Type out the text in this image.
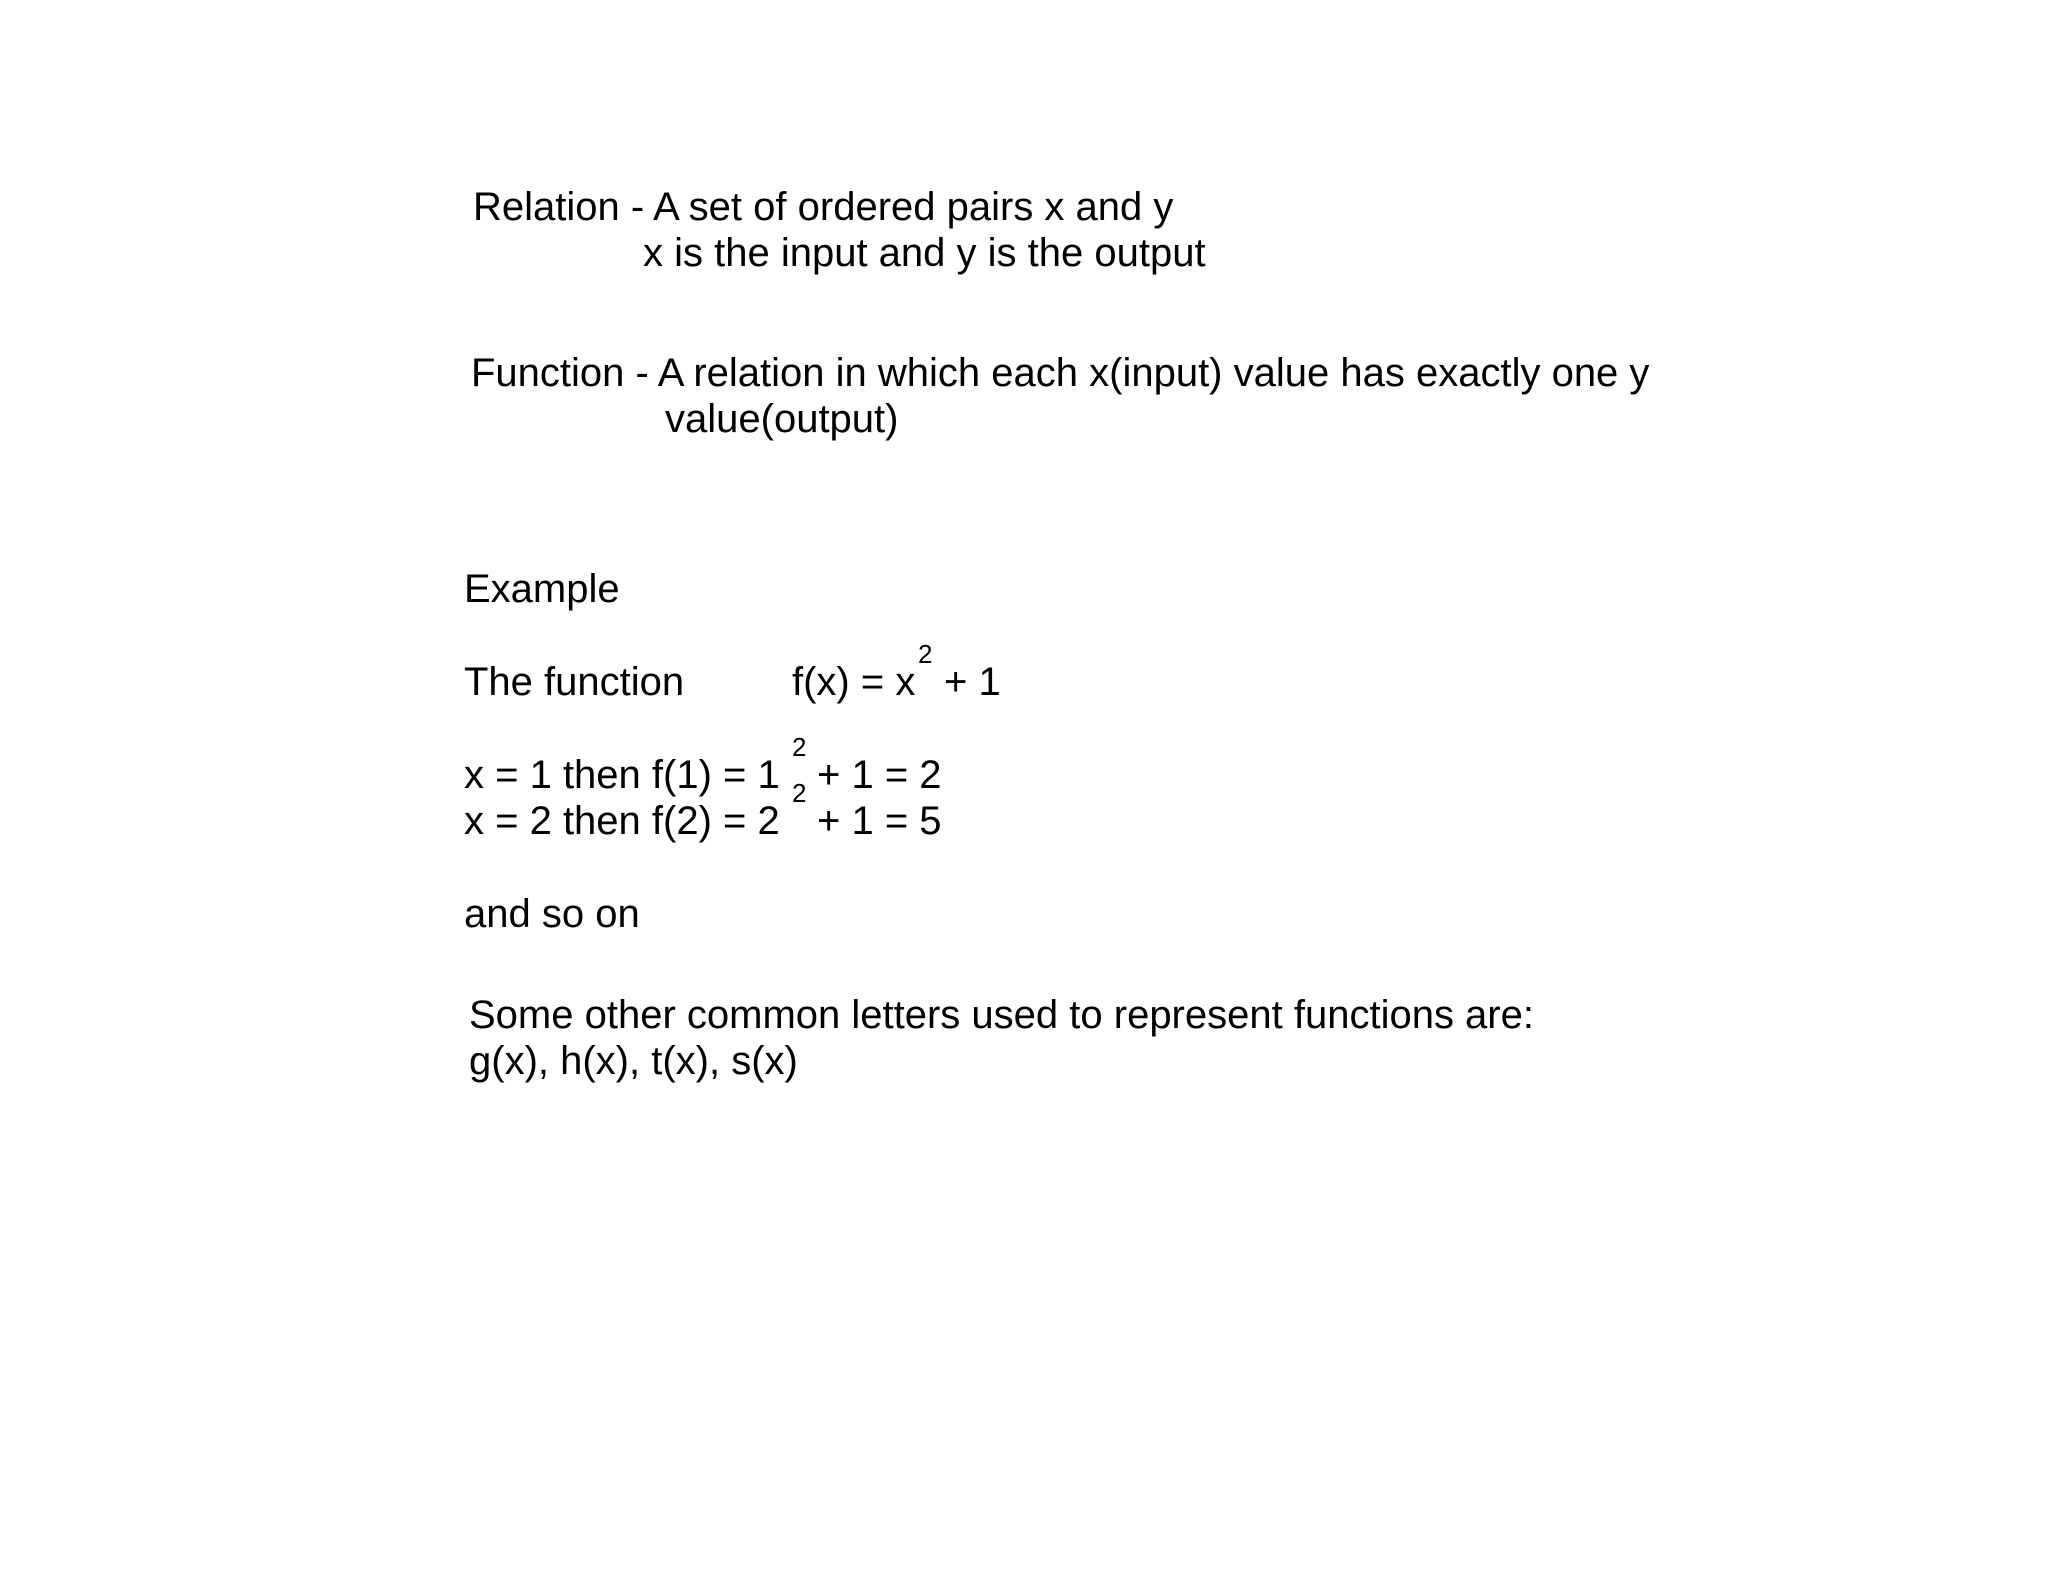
Relation - A set of ordered pairs x and y

x is the input and y is the output

Function - A relation in which each x(input) value has exactly one y

value(output)

Example

The function	f(x) = x

2

+ 1

x = 1 then f(1) = 1

2

+ 1 = 2

x = 2 then f(2) = 2

2

+ 1 = 5

and so on

Some other common letters used to represent functions are:

g(x), h(x), t(x), s(x)
